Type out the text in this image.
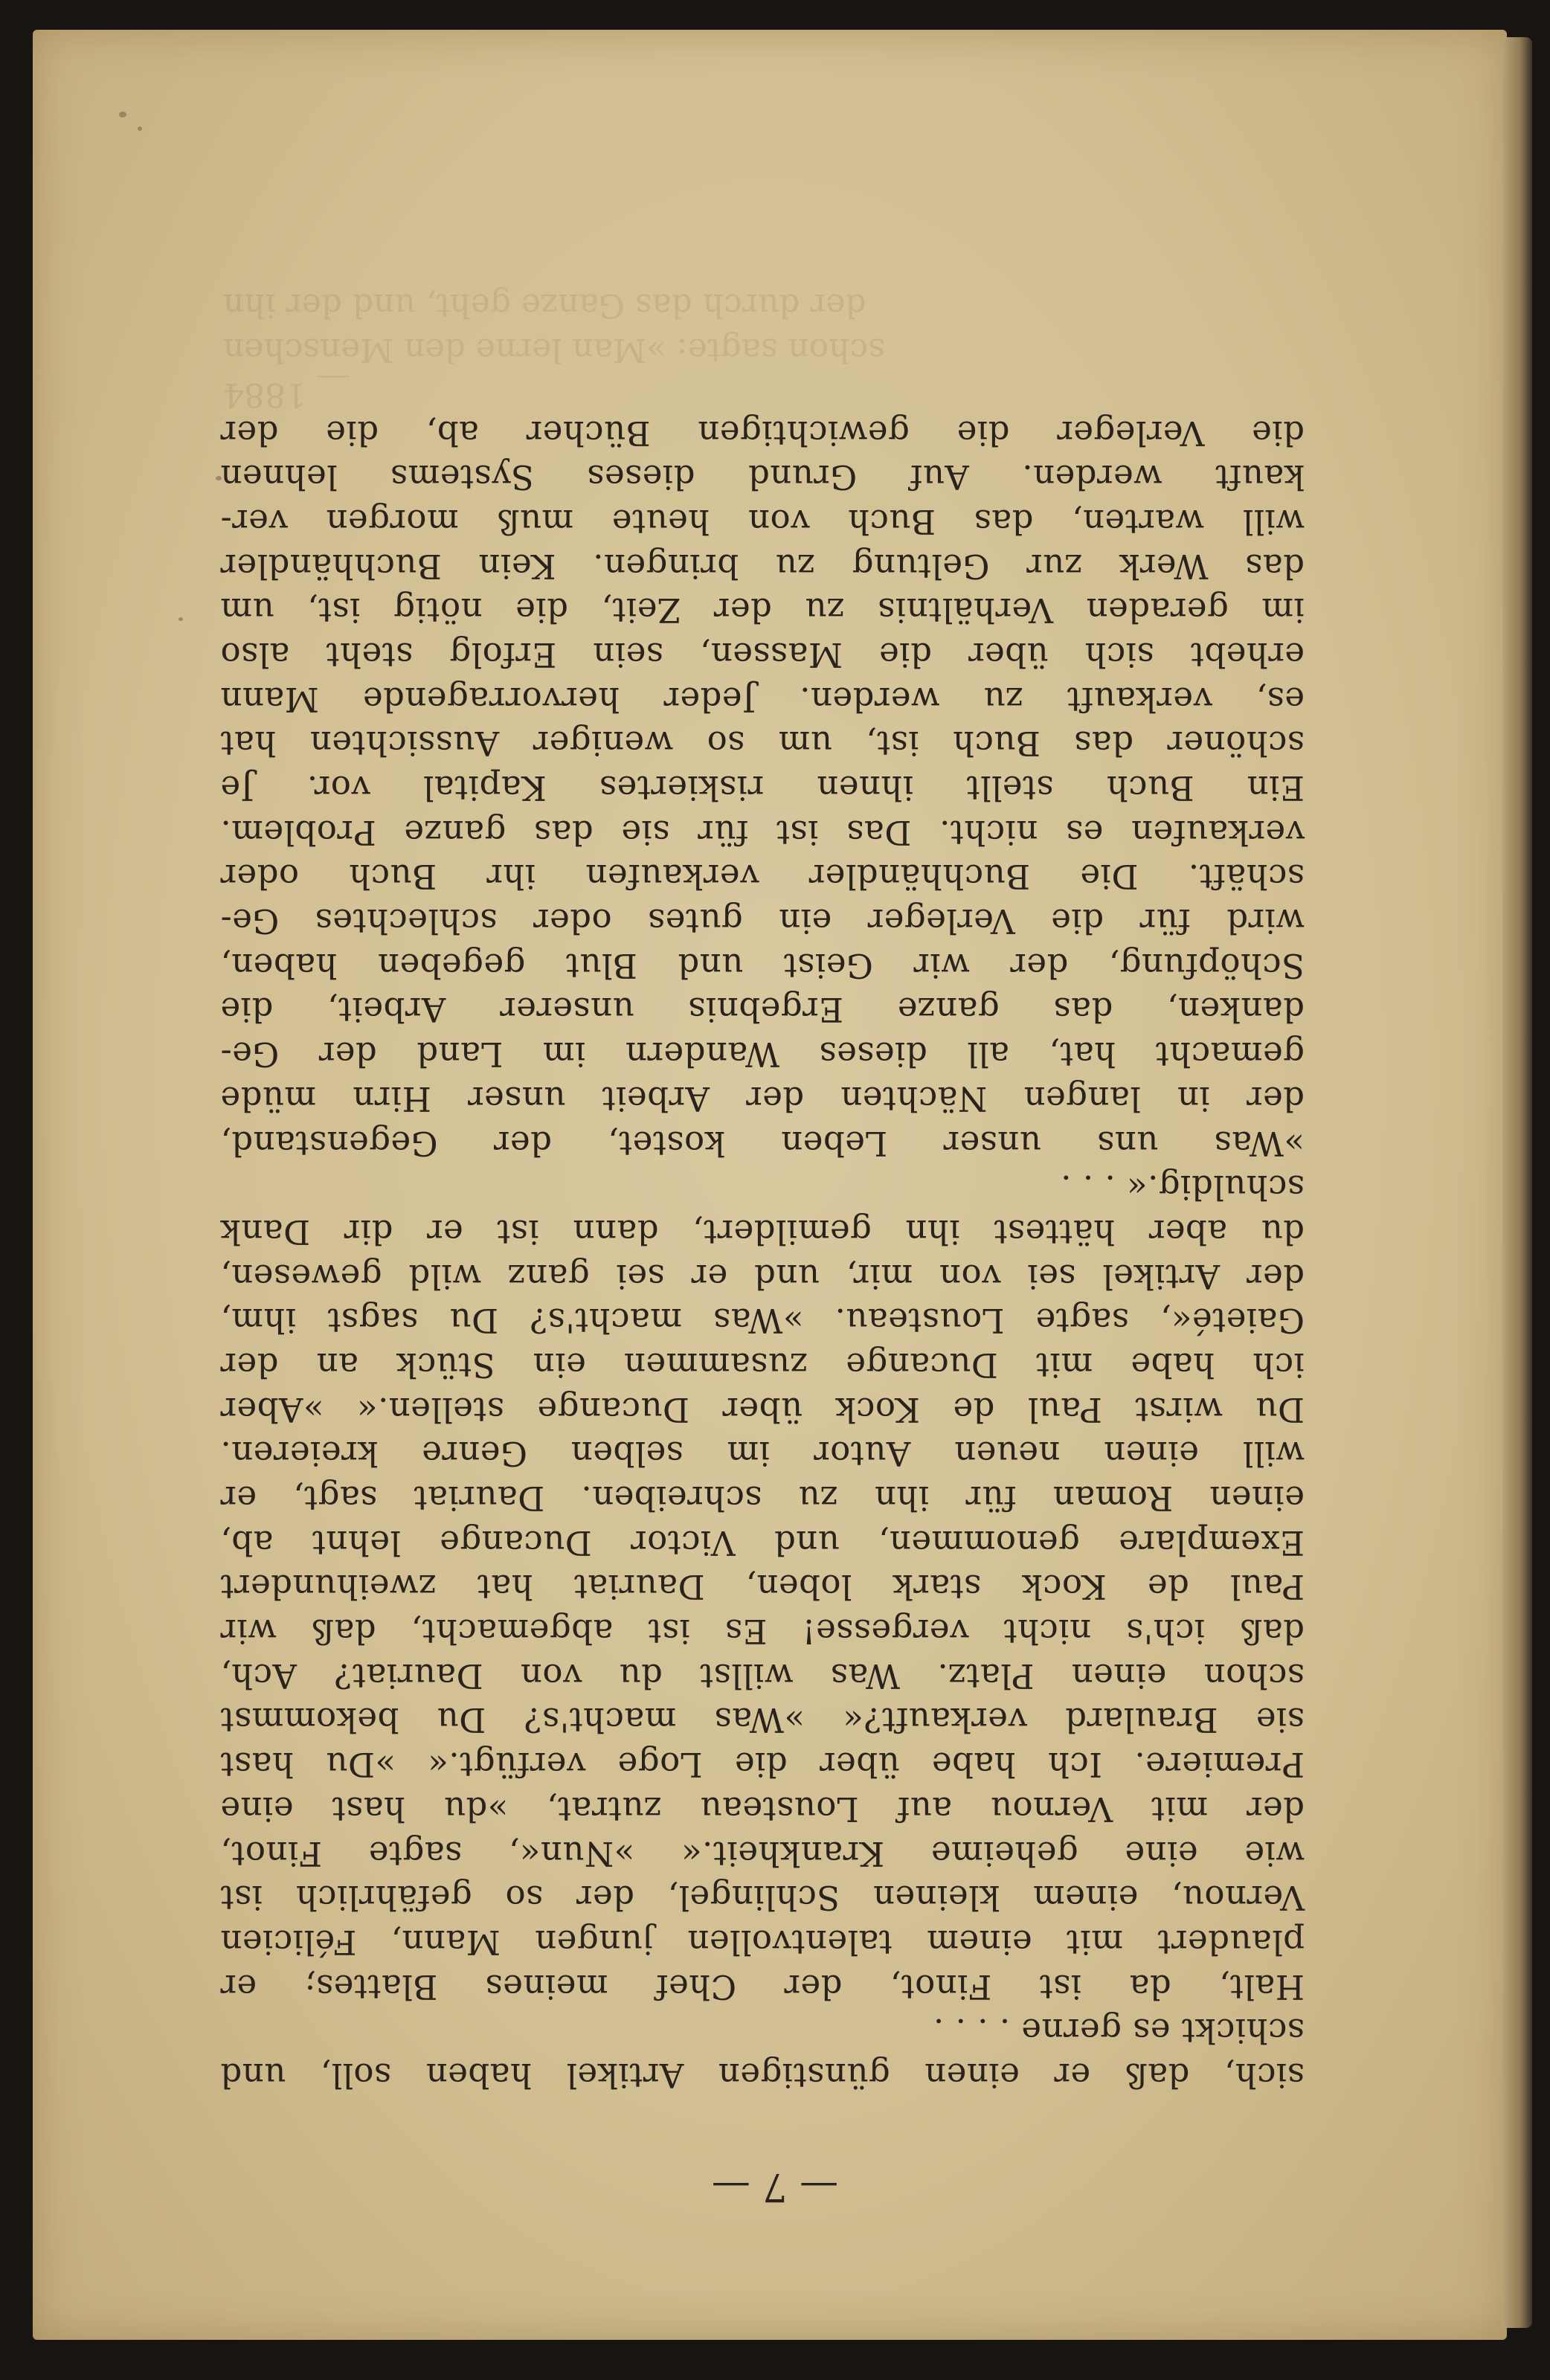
__ 1884
schon sagte: »Man lerne den Menschen
der durch das Ganze geht, und der ihn
— 7 —
sich, daß er einen günstigen Artikel haben soll, und
schickt es gerne . . . .
Halt, da ist Finot, der Chef meines Blattes; er
plaudert mit einem talentvollen jungen Mann, Félicien
Vernou, einem kleinen Schlingel, der so gefährlich ist
wie eine geheime Krankheit.« »Nun«, sagte Finot,
der mit Vernou auf Lousteau zutrat, »du hast eine
Premiere. Ich habe über die Loge verfügt.« »Du hast
sie Braulard verkauft?« »Was macht's? Du bekommst
schon einen Platz. Was willst du von Dauriat? Ach,
daß ich's nicht vergesse! Es ist abgemacht, daß wir
Paul de Kock stark loben, Dauriat hat zweihundert
Exemplare genommen, und Victor Ducange lehnt ab,
einen Roman für ihn zu schreiben. Dauriat sagt, er
will einen neuen Autor im selben Genre kreieren.
Du wirst Paul de Kock über Ducange stellen.« »Aber
ich habe mit Ducange zusammen ein Stück an der
Gaieté«, sagte Lousteau. »Was macht's? Du sagst ihm,
der Artikel sei von mir, und er sei ganz wild gewesen,
du aber hättest ihn gemildert, dann ist er dir Dank
schuldig.« . . .
»Was uns unser Leben kostet, der Gegenstand,
der in langen Nächten der Arbeit unser Hirn müde
gemacht hat, all dieses Wandern im Land der Ge-
danken, das ganze Ergebnis unserer Arbeit, die
Schöpfung, der wir Geist und Blut gegeben haben,
wird für die Verleger ein gutes oder schlechtes Ge-
schäft. Die Buchhändler verkaufen ihr Buch oder
verkaufen es nicht. Das ist für sie das ganze Problem.
Ein Buch stellt ihnen riskiertes Kapital vor. Je
schöner das Buch ist, um so weniger Aussichten hat
es, verkauft zu werden. Jeder hervorragende Mann
erhebt sich über die Massen, sein Erfolg steht also
im geraden Verhältnis zu der Zeit, die nötig ist, um
das Werk zur Geltung zu bringen. Kein Buchhändler
will warten, das Buch von heute muß morgen ver-
kauft werden. Auf Grund dieses Systems lehnen
die Verleger die gewichtigen Bücher ab, die der
